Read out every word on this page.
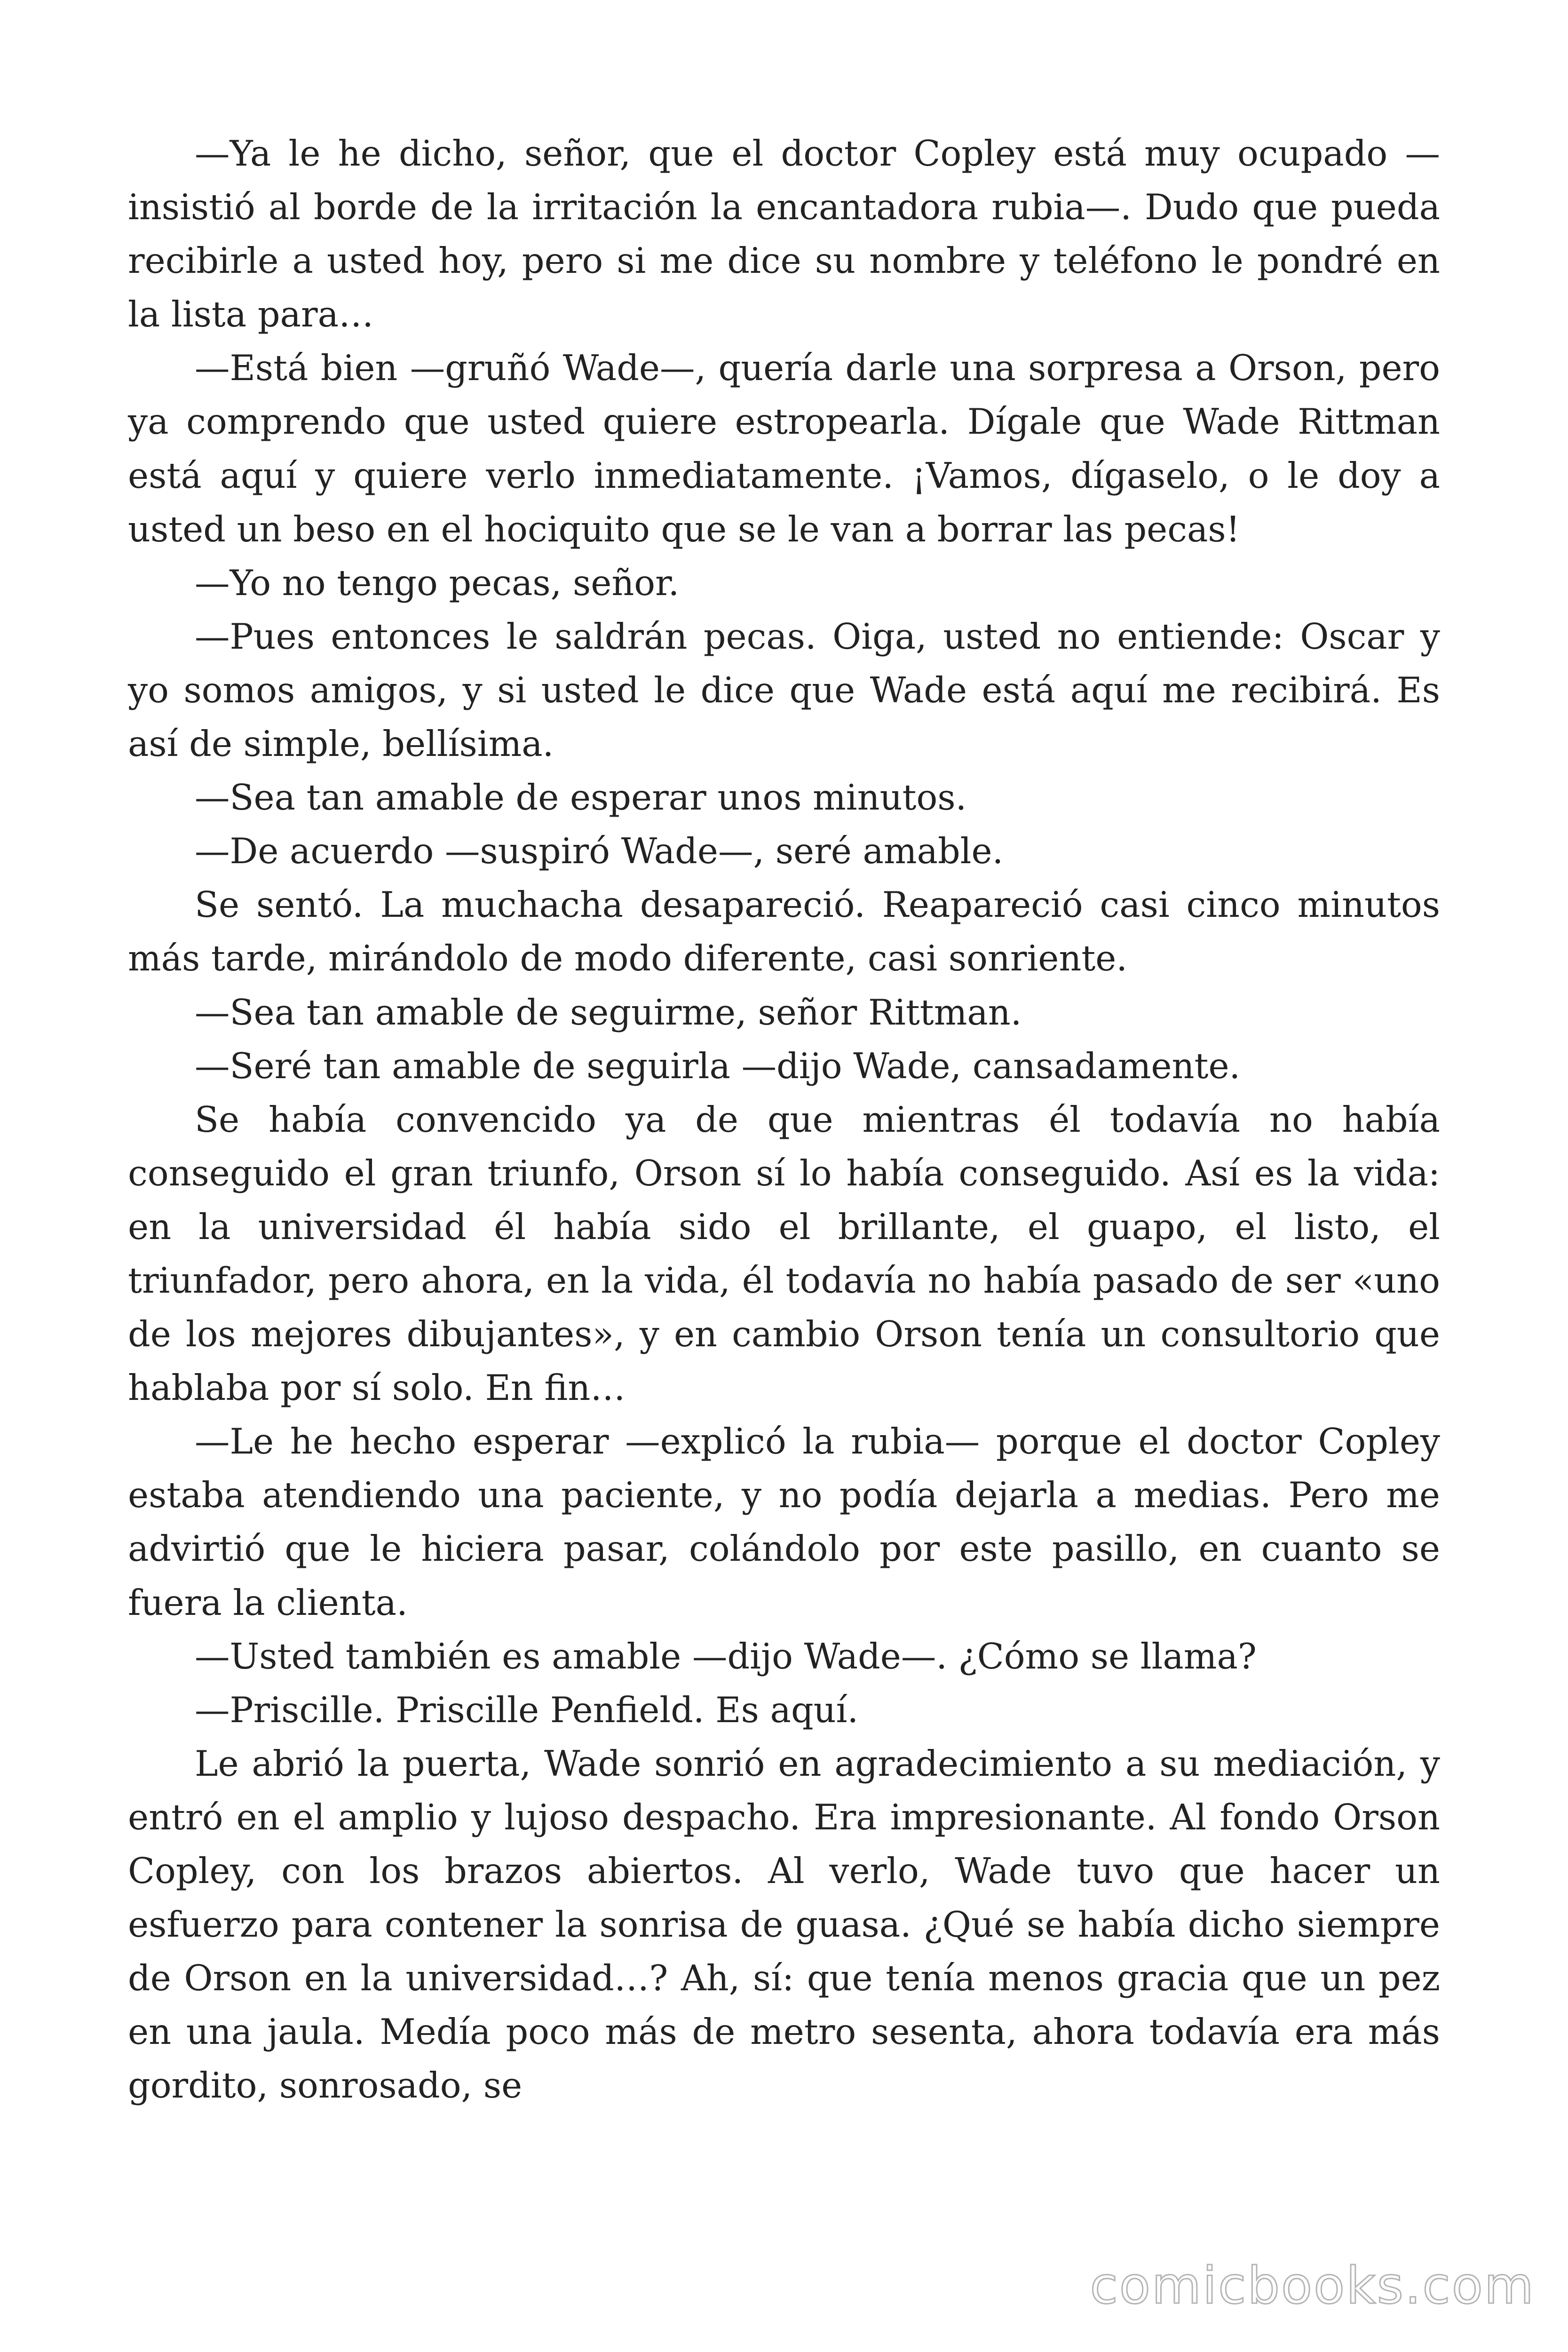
—Ya le he dicho, señor, que el doctor Copley está muy ocupado —insistió al borde de la irritación la encantadora rubia—. Dudo que pueda recibirle a usted hoy, pero si me dice su nombre y teléfono le pondré en la lista para…

—Está bien —gruñó Wade—, quería darle una sorpresa a Orson, pero ya comprendo que usted quiere estropearla. Dígale que Wade Rittman está aquí y quiere verlo inmediatamente. ¡Vamos, dígaselo, o le doy a usted un beso en el hociquito que se le van a borrar las pecas!

—Yo no tengo pecas, señor.

—Pues entonces le saldrán pecas. Oiga, usted no entiende: Oscar y yo somos amigos, y si usted le dice que Wade está aquí me recibirá. Es así de simple, bellísima.

—Sea tan amable de esperar unos minutos.

—De acuerdo —suspiró Wade—, seré amable.

Se sentó. La muchacha desapareció. Reapareció casi cinco minutos más tarde, mirándolo de modo diferente, casi sonriente.

—Sea tan amable de seguirme, señor Rittman.

—Seré tan amable de seguirla —dijo Wade, cansadamente.

Se había convencido ya de que mientras él todavía no había conseguido el gran triunfo, Orson sí lo había conseguido. Así es la vida: en la universidad él había sido el brillante, el guapo, el listo, el triunfador, pero ahora, en la vida, él todavía no había pasado de ser «uno de los mejores dibujantes», y en cambio Orson tenía un consultorio que hablaba por sí solo. En fin…

—Le he hecho esperar —explicó la rubia— porque el doctor Copley estaba atendiendo una paciente, y no podía dejarla a medias. Pero me advirtió que le hiciera pasar, colándolo por este pasillo, en cuanto se fuera la clienta.

—Usted también es amable —dijo Wade—. ¿Cómo se llama?

—Priscille. Priscille Penfield. Es aquí.

Le abrió la puerta, Wade sonrió en agradecimiento a su mediación, y entró en el amplio y lujoso despacho. Era impresionante. Al fondo Orson Copley, con los brazos abiertos. Al verlo, Wade tuvo que hacer un esfuerzo para contener la sonrisa de guasa. ¿Qué se había dicho siempre de Orson en la universidad…? Ah, sí: que tenía menos gracia que un pez en una jaula. Medía poco más de metro sesenta, ahora todavía era más gordito, sonrosado, se

comicbooks.com
